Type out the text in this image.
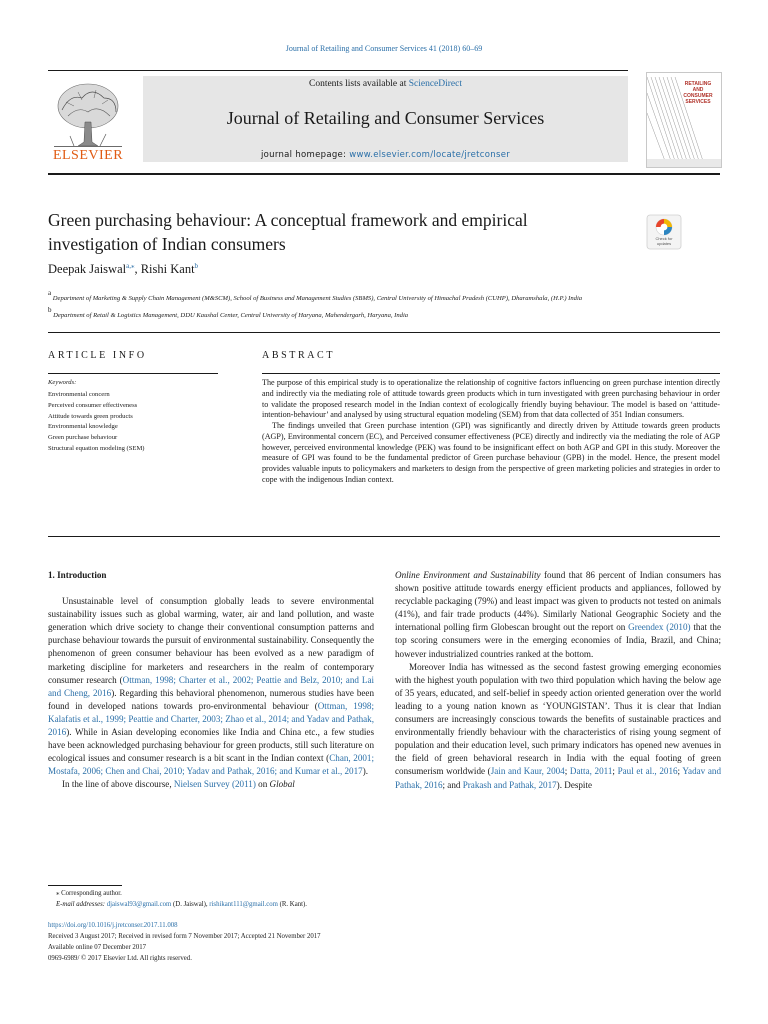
Journal of Retailing and Consumer Services 41 (2018) 60–69
ELSEVIER
Contents lists available at ScienceDirect
Journal of Retailing and Consumer Services
journal homepage: www.elsevier.com/locate/jretconser
RETAILING
AND
CONSUMER
SERVICES
Green purchasing behaviour: A conceptual framework and empirical investigation of Indian consumers	Check for
updates
Deepak Jaiswal$^{a,⁎}$, Rishi Kant$^b$
$^a$ Department of Marketing & Supply Chain Management (M&SCM), School of Business and Management Studies (SBMS), Central University of Himachal Pradesh (CUHP), Dharamshala, (H.P.) India
$^b$ Department of Retail & Logistics Management, DDU Kaushal Center, Central University of Haryana, Mahendergarh, Haryana, India
ARTICLE INFO
Keywords:
Environmental concern
Perceived consumer effectiveness
Attitude towards green products
Environmental knowledge
Green purchase behaviour
Structural equation modeling (SEM)
ABSTRACT

The purpose of this empirical study is to operationalize the relationship of cognitive factors influencing on green purchase intention directly and indirectly via the mediating role of attitude towards green products which in turn investigated with green purchasing behaviour in order to validate the proposed research model in the Indian context of ecologically friendly buying behaviour. The model is based on ‘attitude-intention-behaviour’ and analysed by using structural equation modeling (SEM) from that data collected of 351 Indian consumers.

The findings unveiled that Green purchase intention (GPI) was significantly and directly driven by Attitude towards green products (AGP), Environmental concern (EC), and Perceived consumer effectiveness (PCE) directly and indirectly via the mediating the role of AGP however, perceived environmental knowledge (PEK) was found to be insignificant effect on both AGP and GPI in this study. Moreover the measure of GPI was found to be the fundamental predictor of Green purchase behaviour (GPB) in the model. Hence, the present model provides valuable inputs to policymakers and marketers to design from the perspective of green marketing policies and strategies in order to cope with the indigenous Indian context.

1. Introduction

Unsustainable level of consumption globally leads to severe environmental sustainability issues such as global warming, water, air and land pollution, and waste generation which drive society to change their conventional consumption patterns and purchase behaviour towards the pursuit of environmental sustainability. Consequently the phenomenon of green consumer behaviour has been evolved as a new paradigm of marketing discipline for marketers and researchers in the realm of contemporary consumer research (Ottman, 1998; Charter et al., 2002; Peattie and Belz, 2010; and Lai and Cheng, 2016). Regarding this behavioral phenomenon, numerous studies have been found in developed nations towards pro-environmental behaviour (Ottman, 1998; Kalafatis et al., 1999; Peattie and Charter, 2003; Zhao et al., 2014; and Yadav and Pathak, 2016). While in Asian developing economies like India and China etc., a few studies have been acknowledged purchasing behaviour for green products, still such literature on ecological issues and consumer research is a bit scant in the Indian context (Chan, 2001; Mostafa, 2006; Chen and Chai, 2010; Yadav and Pathak, 2016; and Kumar et al., 2017).

In the line of above discourse, Nielsen Survey (2011) on Global

Online Environment and Sustainability found that 86 percent of Indian consumers has shown positive attitude towards energy efficient products and appliances, followed by recyclable packaging (79%) and least impact was given to products not tested on animals (41%), and fair trade products (44%). Similarly National Geographic Society and the international polling firm Globescan brought out the report on Greendex (2010) that the top scoring consumers were in the emerging economies of India, Brazil, and China; however industrialized countries ranked at the bottom.

Moreover India has witnessed as the second fastest growing emerging economies with the highest youth population with two third population which having the below age of 35 years, educated, and self-belief in speedy action oriented generation over the world leading to a young nation known as ‘YOUNGISTAN’. Thus it is clear that Indian consumers are increasingly conscious towards the benefits of sustainable practices and environmentally friendly behaviour with the characteristics of rising young segment of population and their education level, such primary indicators has opened new avenues in the field of green behavioral research in India with the equal footing of green consumerism worldwide (Jain and Kaur, 2004; Datta, 2011; Paul et al., 2016; Yadav and Pathak, 2016; and Prakash and Pathak, 2017). Despite

⁎ Corresponding author.
E-mail addresses: djaiswal93@gmail.com (D. Jaiswal), rishikant111@gmail.com (R. Kant).
https://doi.org/10.1016/j.jretconser.2017.11.008
Received 3 August 2017; Received in revised form 7 November 2017; Accepted 21 November 2017
Available online 07 December 2017
0969-6989/ © 2017 Elsevier Ltd. All rights reserved.
